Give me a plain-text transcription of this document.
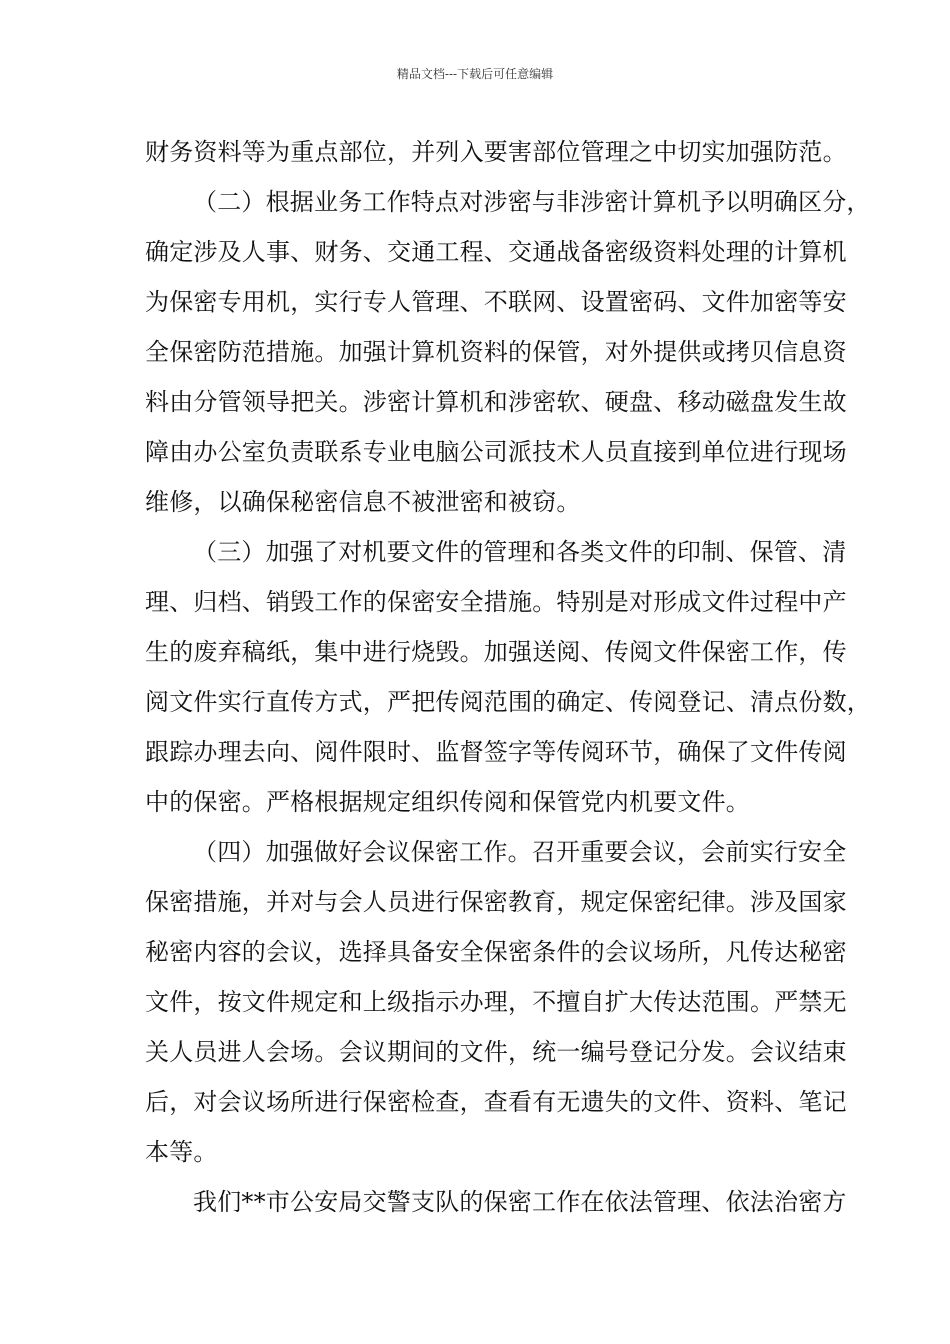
精品文档---下载后可任意编辑
财务资料等为重点部位，并列入要害部位管理之中切实加强防范。
（二）根据业务工作特点对涉密与非涉密计算机予以明确区分，
确定涉及人事、财务、交通工程、交通战备密级资料处理的计算机
为保密专用机，实行专人管理、不联网、设置密码、文件加密等安
全保密防范措施。加强计算机资料的保管，对外提供或拷贝信息资
料由分管领导把关。涉密计算机和涉密软、硬盘、移动磁盘发生故
障由办公室负责联系专业电脑公司派技术人员直接到单位进行现场
维修，以确保秘密信息不被泄密和被窃。
（三）加强了对机要文件的管理和各类文件的印制、保管、清
理、归档、销毁工作的保密安全措施。特别是对形成文件过程中产
生的废弃稿纸，集中进行烧毁。加强送阅、传阅文件保密工作，传
阅文件实行直传方式，严把传阅范围的确定、传阅登记、清点份数，
跟踪办理去向、阅件限时、监督签字等传阅环节，确保了文件传阅
中的保密。严格根据规定组织传阅和保管党内机要文件。
（四）加强做好会议保密工作。召开重要会议，会前实行安全
保密措施，并对与会人员进行保密教育，规定保密纪律。涉及国家
秘密内容的会议，选择具备安全保密条件的会议场所，凡传达秘密
文件，按文件规定和上级指示办理，不擅自扩大传达范围。严禁无
关人员进人会场。会议期间的文件，统一编号登记分发。会议结束
后，对会议场所进行保密检查，查看有无遗失的文件、资料、笔记
本等。
我们**市公安局交警支队的保密工作在依法管理、依法治密方
